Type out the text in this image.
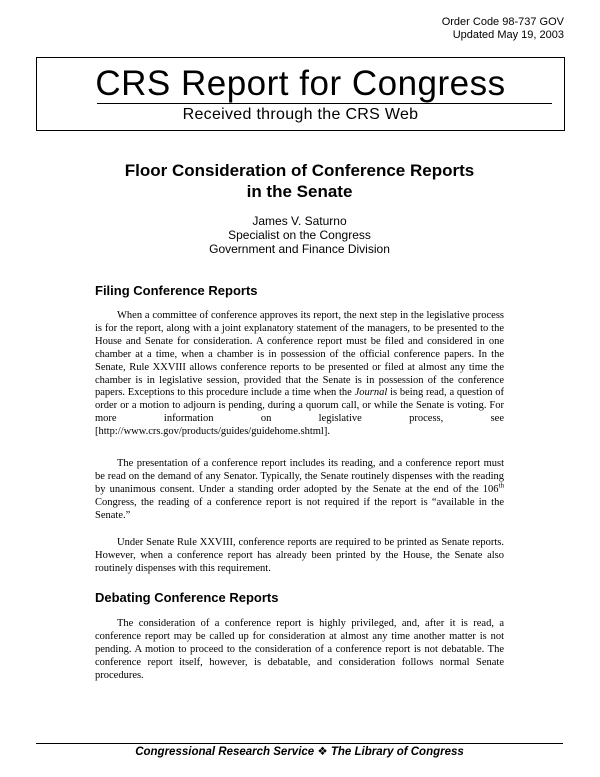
Order Code 98-737 GOV
Updated May 19, 2003
CRS Report for Congress
Received through the CRS Web
Floor Consideration of Conference Reports
in the Senate
James V. Saturno
Specialist on the Congress
Government and Finance Division
Filing Conference Reports

When a committee of conference approves its report, the next step in the legislative process is for the report, along with a joint explanatory statement of the managers, to be presented to the House and Senate for consideration. A conference report must be filed and considered in one chamber at a time, when a chamber is in possession of the official conference papers. In the Senate, Rule XXVIII allows conference reports to be presented or filed at almost any time the chamber is in legislative session, provided that the Senate is in possession of the conference papers. Exceptions to this procedure include a time when the Journal is being read, a question of order or a motion to adjourn is pending, during a quorum call, or while the Senate is voting. For more information on legislative process, see [http://www.crs.gov/products/guides/guidehome.shtml].

The presentation of a conference report includes its reading, and a conference report must be read on the demand of any Senator. Typically, the Senate routinely dispenses with the reading by unanimous consent. Under a standing order adopted by the Senate at the end of the 106th Congress, the reading of a conference report is not required if the report is “available in the Senate.”

Under Senate Rule XXVIII, conference reports are required to be printed as Senate reports. However, when a conference report has already been printed by the House, the Senate also routinely dispenses with this requirement.

Debating Conference Reports

The consideration of a conference report is highly privileged, and, after it is read, a conference report may be called up for consideration at almost any time another matter is not pending. A motion to proceed to the consideration of a conference report is not debatable. The conference report itself, however, is debatable, and consideration follows normal Senate procedures.

Congressional Research Service ❖ The Library of Congress
